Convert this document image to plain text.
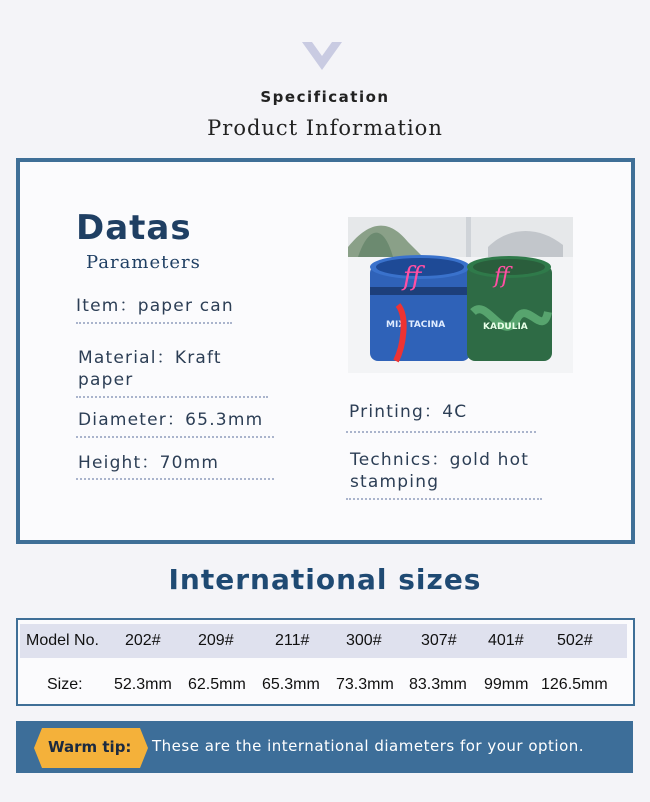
Specification
Product Information
Datas
Parameters
Item：paper can
Material：Kraft
paper
Diameter：65.3mm
Height：70mm
ff
MIX TACINA
ff
KADULIA
Printing：4C
Technics：gold hot
stamping
International sizes
Model No. 202# 209#	211# 300# 307# 401# 502#
Size: 52.3mm 62.5mm 65.3mm 73.3mm 83.3mm 99mm 126.5mm
Warm tip: These are the international diameters for your option.
